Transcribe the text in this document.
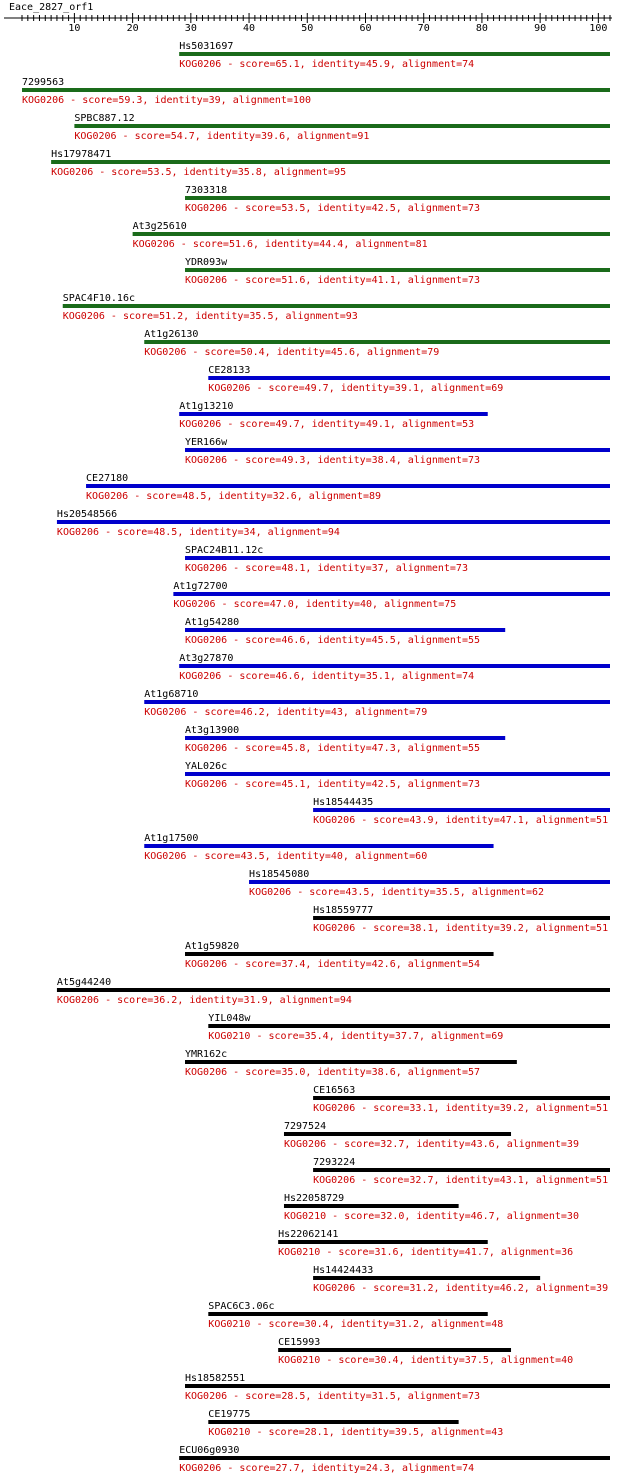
Eace_2827_orf1
10	20	30	40	50	60	70	80	90	100
Hs5031697
KOG0206 - score=65.1, identity=45.9, alignment=74
7299563
KOG0206 - score=59.3, identity=39, alignment=100
SPBC887.12
KOG0206 - score=54.7, identity=39.6, alignment=91
Hs17978471
KOG0206 - score=53.5, identity=35.8, alignment=95
7303318
KOG0206 - score=53.5, identity=42.5, alignment=73
At3g25610
KOG0206 - score=51.6, identity=44.4, alignment=81
YDR093w
KOG0206 - score=51.6, identity=41.1, alignment=73
SPAC4F10.16c
KOG0206 - score=51.2, identity=35.5, alignment=93
At1g26130
KOG0206 - score=50.4, identity=45.6, alignment=79
CE28133
KOG0206 - score=49.7, identity=39.1, alignment=69
At1g13210
KOG0206 - score=49.7, identity=49.1, alignment=53
YER166w
KOG0206 - score=49.3, identity=38.4, alignment=73
CE27180
KOG0206 - score=48.5, identity=32.6, alignment=89
Hs20548566
KOG0206 - score=48.5, identity=34, alignment=94
SPAC24B11.12c
KOG0206 - score=48.1, identity=37, alignment=73
At1g72700
KOG0206 - score=47.0, identity=40, alignment=75
At1g54280
KOG0206 - score=46.6, identity=45.5, alignment=55
At3g27870
KOG0206 - score=46.6, identity=35.1, alignment=74
At1g68710
KOG0206 - score=46.2, identity=43, alignment=79
At3g13900
KOG0206 - score=45.8, identity=47.3, alignment=55
YAL026c
KOG0206 - score=45.1, identity=42.5, alignment=73
Hs18544435
KOG0206 - score=43.9, identity=47.1, alignment=51
At1g17500
KOG0206 - score=43.5, identity=40, alignment=60
Hs18545080
KOG0206 - score=43.5, identity=35.5, alignment=62
Hs18559777
KOG0206 - score=38.1, identity=39.2, alignment=51
At1g59820
KOG0206 - score=37.4, identity=42.6, alignment=54
At5g44240
KOG0206 - score=36.2, identity=31.9, alignment=94
YIL048w
KOG0210 - score=35.4, identity=37.7, alignment=69
YMR162c
KOG0206 - score=35.0, identity=38.6, alignment=57
CE16563
KOG0206 - score=33.1, identity=39.2, alignment=51
7297524
KOG0206 - score=32.7, identity=43.6, alignment=39
7293224
KOG0206 - score=32.7, identity=43.1, alignment=51
Hs22058729
KOG0210 - score=32.0, identity=46.7, alignment=30
Hs22062141
KOG0210 - score=31.6, identity=41.7, alignment=36
Hs14424433
KOG0206 - score=31.2, identity=46.2, alignment=39
SPAC6C3.06c
KOG0210 - score=30.4, identity=31.2, alignment=48
CE15993
KOG0210 - score=30.4, identity=37.5, alignment=40
Hs18582551
KOG0206 - score=28.5, identity=31.5, alignment=73
CE19775
KOG0210 - score=28.1, identity=39.5, alignment=43
ECU06g0930
KOG0206 - score=27.7, identity=24.3, alignment=74
